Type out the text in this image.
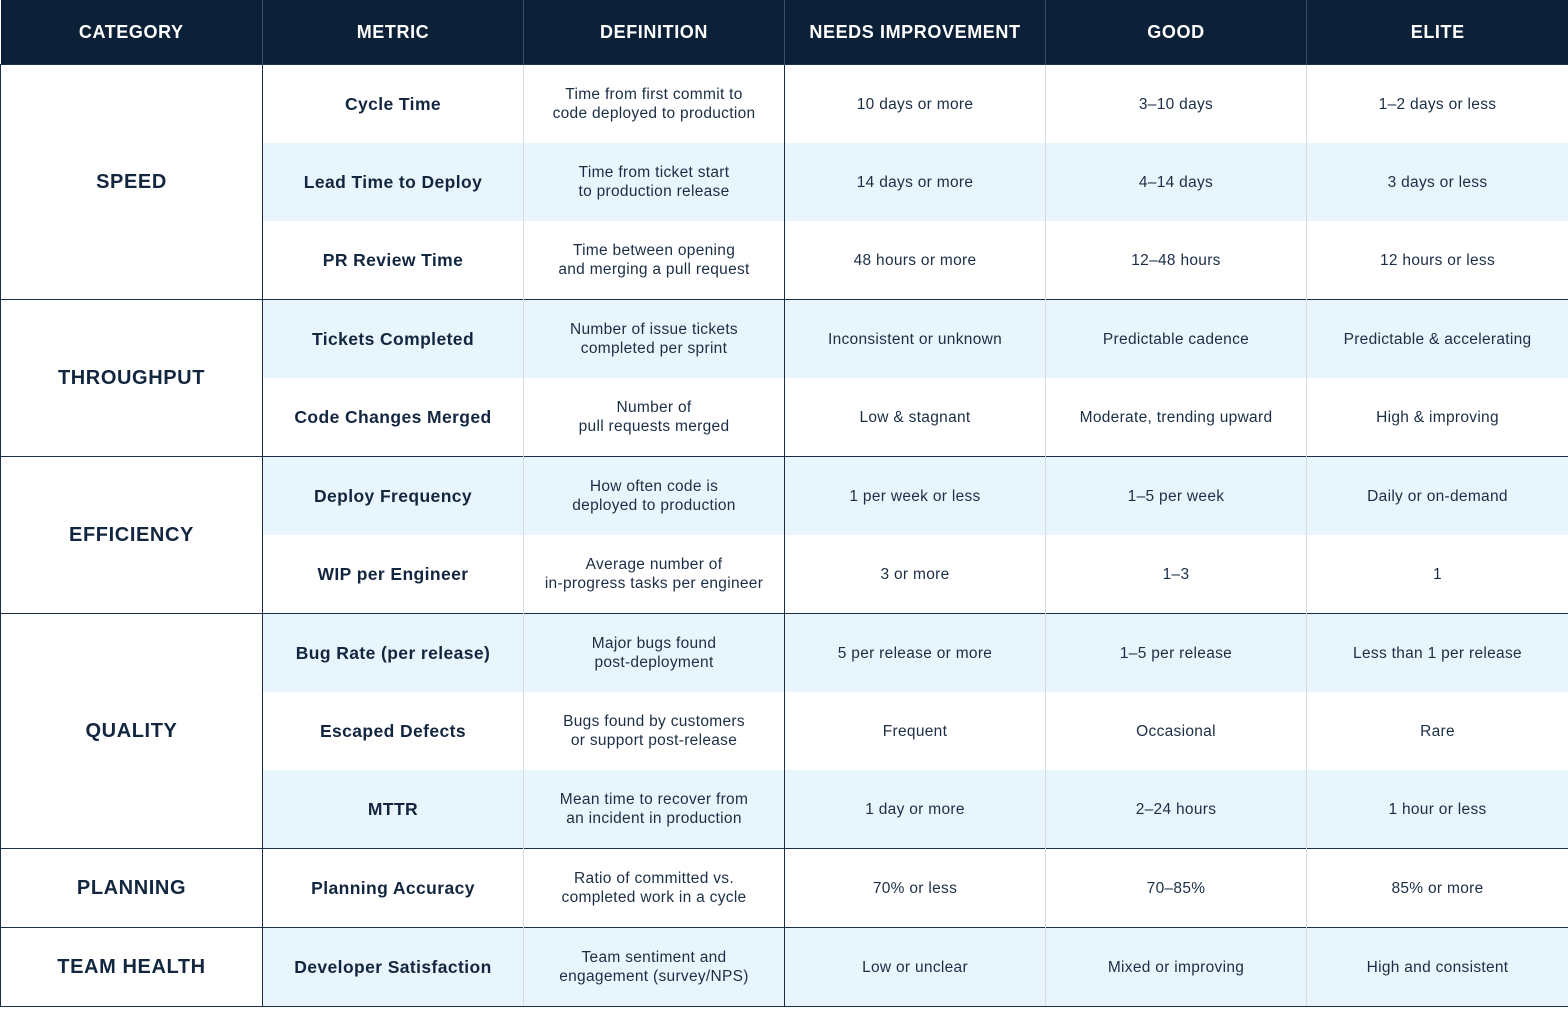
CATEGORY	METRIC	DEFINITION	NEEDS IMPROVEMENT	GOOD	ELITE
SPEED	Cycle Time	Time from first commit to
code deployed to production	10 days or more	3–10 days	1–2 days or less
	Lead Time to Deploy	Time from ticket start
to production release	14 days or more	4–14 days	3 days or less
	PR Review Time	Time between opening
and merging a pull request	48 hours or more	12–48 hours	12 hours or less
THROUGHPUT	Tickets Completed	Number of issue tickets
completed per sprint	Inconsistent or unknown	Predictable cadence	Predictable & accelerating
	Code Changes Merged	Number of
pull requests merged	Low & stagnant	Moderate, trending upward	High & improving
EFFICIENCY	Deploy Frequency	How often code is
deployed to production	1 per week or less	1–5 per week	Daily or on-demand
	WIP per Engineer	Average number of
in-progress tasks per engineer	3 or more	1–3	1
QUALITY	Bug Rate (per release)	Major bugs found
post-deployment	5 per release or more	1–5 per release	Less than 1 per release
	Escaped Defects	Bugs found by customers
or support post-release	Frequent	Occasional	Rare
	MTTR	Mean time to recover from
an incident in production	1 day or more	2–24 hours	1 hour or less
PLANNING	Planning Accuracy	Ratio of committed vs.
completed work in a cycle	70% or less	70–85%	85% or more
TEAM HEALTH	Developer Satisfaction	Team sentiment and
engagement (survey/NPS)	Low or unclear	Mixed or improving	High and consistent
